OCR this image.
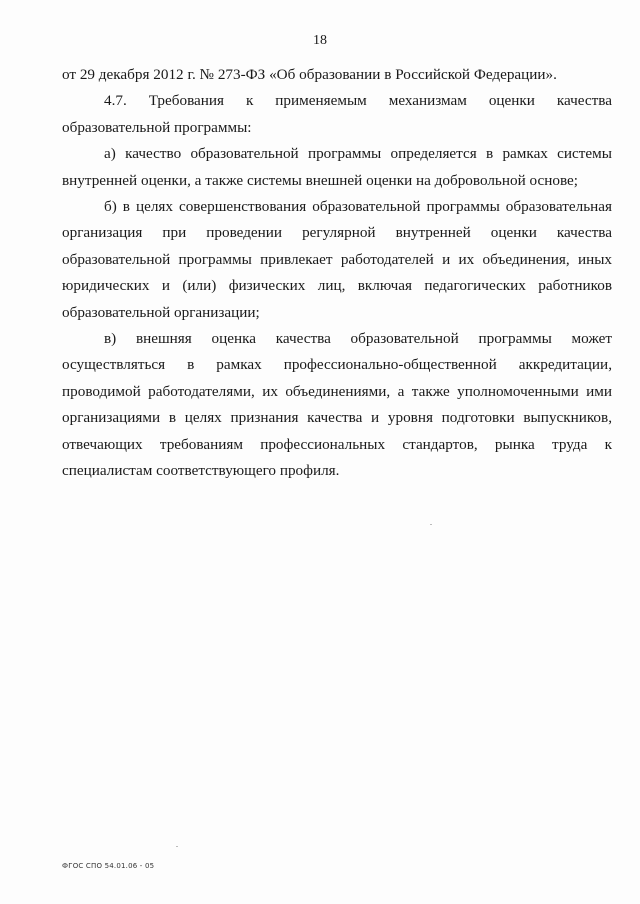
18

от 29 декабря 2012 г. № 273-ФЗ «Об образовании в Российской Федерации».

4.7. Требования к применяемым механизмам оценки качества образовательной программы:

а) качество образовательной программы определяется в рамках системы внутренней оценки, а также системы внешней оценки на добровольной основе;

б) в целях совершенствования образовательной программы образовательная организация при проведении регулярной внутренней оценки качества образовательной программы привлекает работодателей и их объединения, иных юридических и (или) физических лиц, включая педагогических работников образовательной организации;

в) внешняя оценка качества образовательной программы может осуществляться в рамках профессионально-общественной аккредитации, проводимой работодателями, их объединениями, а также уполномоченными ими организациями в целях признания качества и уровня подготовки выпускников, отвечающих требованиям профессиональных стандартов, рынка труда к специалистам соответствующего профиля.

ФГОС СПО 54.01.06 - 05
